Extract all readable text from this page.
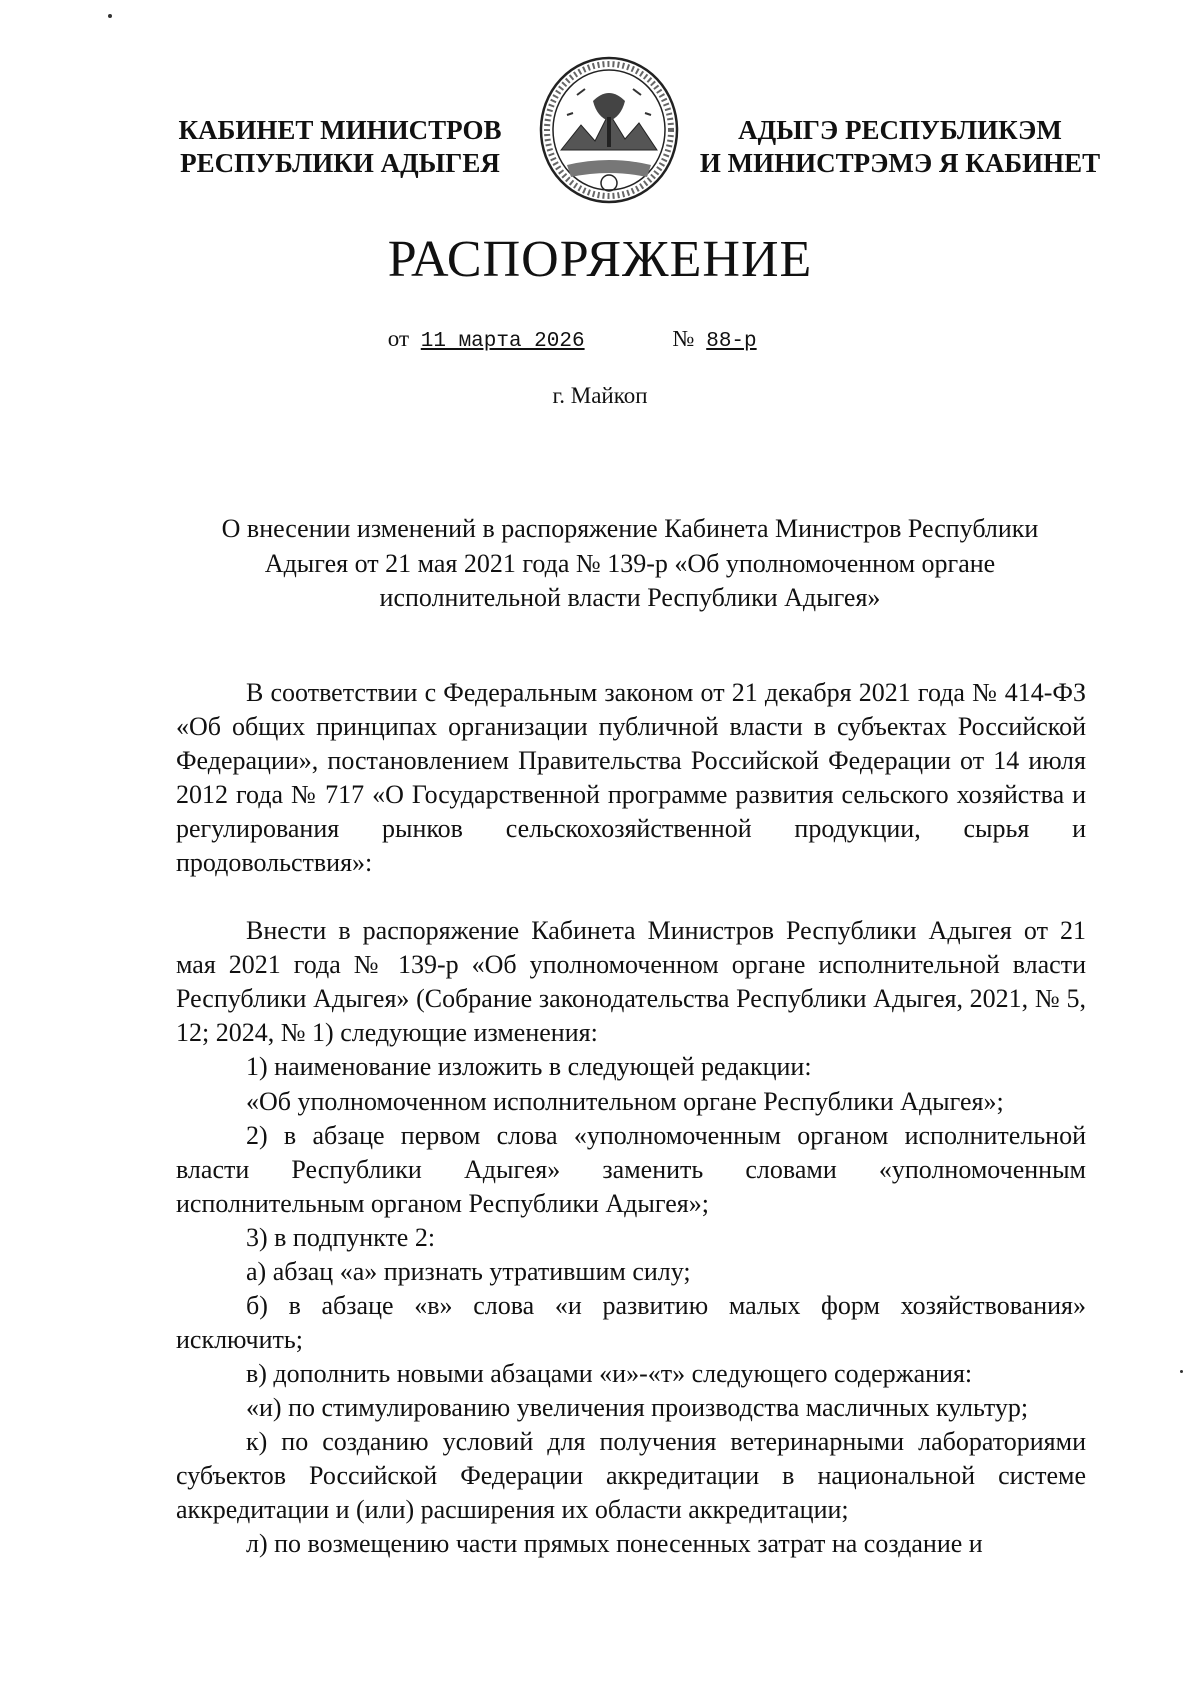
КАБИНЕТ МИНИСТРОВ
РЕСПУБЛИКИ АДЫГЕЯ
АДЫГЭ РЕСПУБЛИКЭМ
И МИНИСТРЭМЭ Я КАБИНЕТ
РАСПОРЯЖЕНИЕ
от 11 марта 2026	№ 88-р
г. Майкоп
О внесении изменений в распоряжение Кабинета Министров Республики
Адыгея от 21 мая 2021 года № 139-р «Об уполномоченном органе
исполнительной власти Республики Адыгея»

В соответствии с Федеральным законом от 21 декабря 2021 года № 414-ФЗ «Об общих принципах организации публичной власти в субъектах Российской Федерации», постановлением Правительства Российской Федерации от 14 июля 2012 года № 717 «О Государственной программе развития сельского хозяйства и регулирования рынков сельскохозяйственной продукции, сырья и продовольствия»:

Внести в распоряжение Кабинета Министров Республики Адыгея от 21 мая 2021 года № 139-р «Об уполномоченном органе исполнительной власти Республики Адыгея» (Собрание законодательства Республики Адыгея, 2021, № 5, 12; 2024, № 1) следующие изменения:

1) наименование изложить в следующей редакции:

«Об уполномоченном исполнительном органе Республики Адыгея»;

2) в абзаце первом слова «уполномоченным органом исполнительной власти Республики Адыгея» заменить словами «уполномоченным исполнительным органом Республики Адыгея»;

3) в подпункте 2:

а) абзац «а» признать утратившим силу;

б) в абзаце «в» слова «и развитию малых форм хозяйствования» исключить;

в) дополнить новыми абзацами «и»-«т» следующего содержания:

«и) по стимулированию увеличения производства масличных культур;

к) по созданию условий для получения ветеринарными лабораториями субъектов Российской Федерации аккредитации в национальной системе аккредитации и (или) расширения их области аккредитации;

л) по возмещению части прямых понесенных затрат на создание и
